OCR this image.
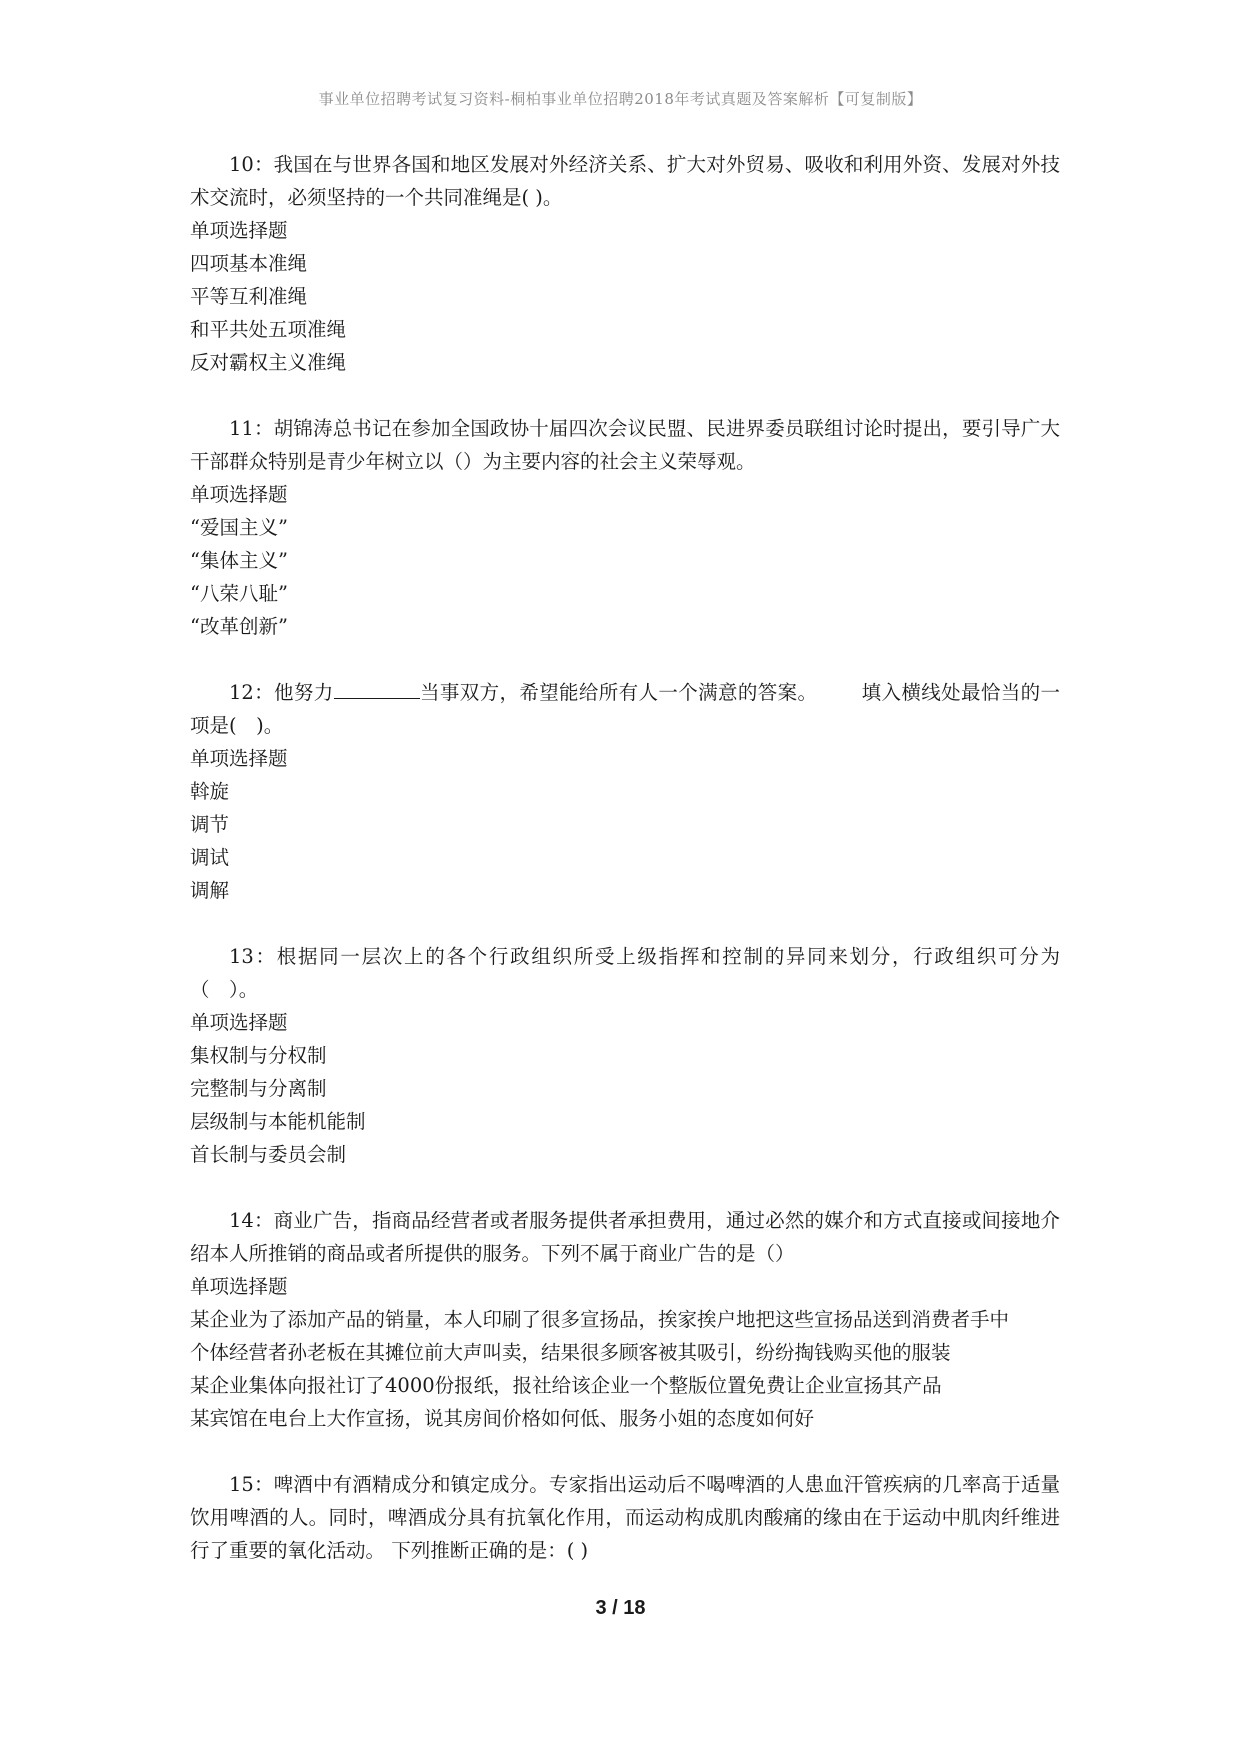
事业单位招聘考试复习资料-桐柏事业单位招聘2018年考试真题及答案解析【可复制版】

10：我国在与世界各国和地区发展对外经济关系、扩大对外贸易、吸收和利用外资、发展对外技术交流时，必须坚持的一个共同准绳是( )。

单项选择题

四项基本准绳

平等互利准绳

和平共处五项准绳

反对霸权主义准绳

11：胡锦涛总书记在参加全国政协十届四次会议民盟、民进界委员联组讨论时提出，要引导广大干部群众特别是青少年树立以（）为主要内容的社会主义荣辱观。

单项选择题

“爱国主义”

“集体主义”

“八荣八耻”

“改革创新”

12：他努力	当事双方，希望能给所有人一个满意的答案。 填入横线处最恰当的一项是(　)。

单项选择题

斡旋

调节

调试

调解

13：根据同一层次上的各个行政组织所受上级指挥和控制的异同来划分，行政组织可分为（　）。

单项选择题

集权制与分权制

完整制与分离制

层级制与本能机能制

首长制与委员会制

14：商业广告，指商品经营者或者服务提供者承担费用，通过必然的媒介和方式直接或间接地介绍本人所推销的商品或者所提供的服务。下列不属于商业广告的是（）

单项选择题

某企业为了添加产品的销量，本人印刷了很多宣扬品，挨家挨户地把这些宣扬品送到消费者手中

个体经营者孙老板在其摊位前大声叫卖，结果很多顾客被其吸引，纷纷掏钱购买他的服装

某企业集体向报社订了4000份报纸，报社给该企业一个整版位置免费让企业宣扬其产品

某宾馆在电台上大作宣扬，说其房间价格如何低、服务小姐的态度如何好

15：啤酒中有酒精成分和镇定成分。专家指出运动后不喝啤酒的人患血汗管疾病的几率高于适量饮用啤酒的人。同时，啤酒成分具有抗氧化作用，而运动构成肌肉酸痛的缘由在于运动中肌肉纤维进行了重要的氧化活动。 下列推断正确的是：( )

3 / 18
